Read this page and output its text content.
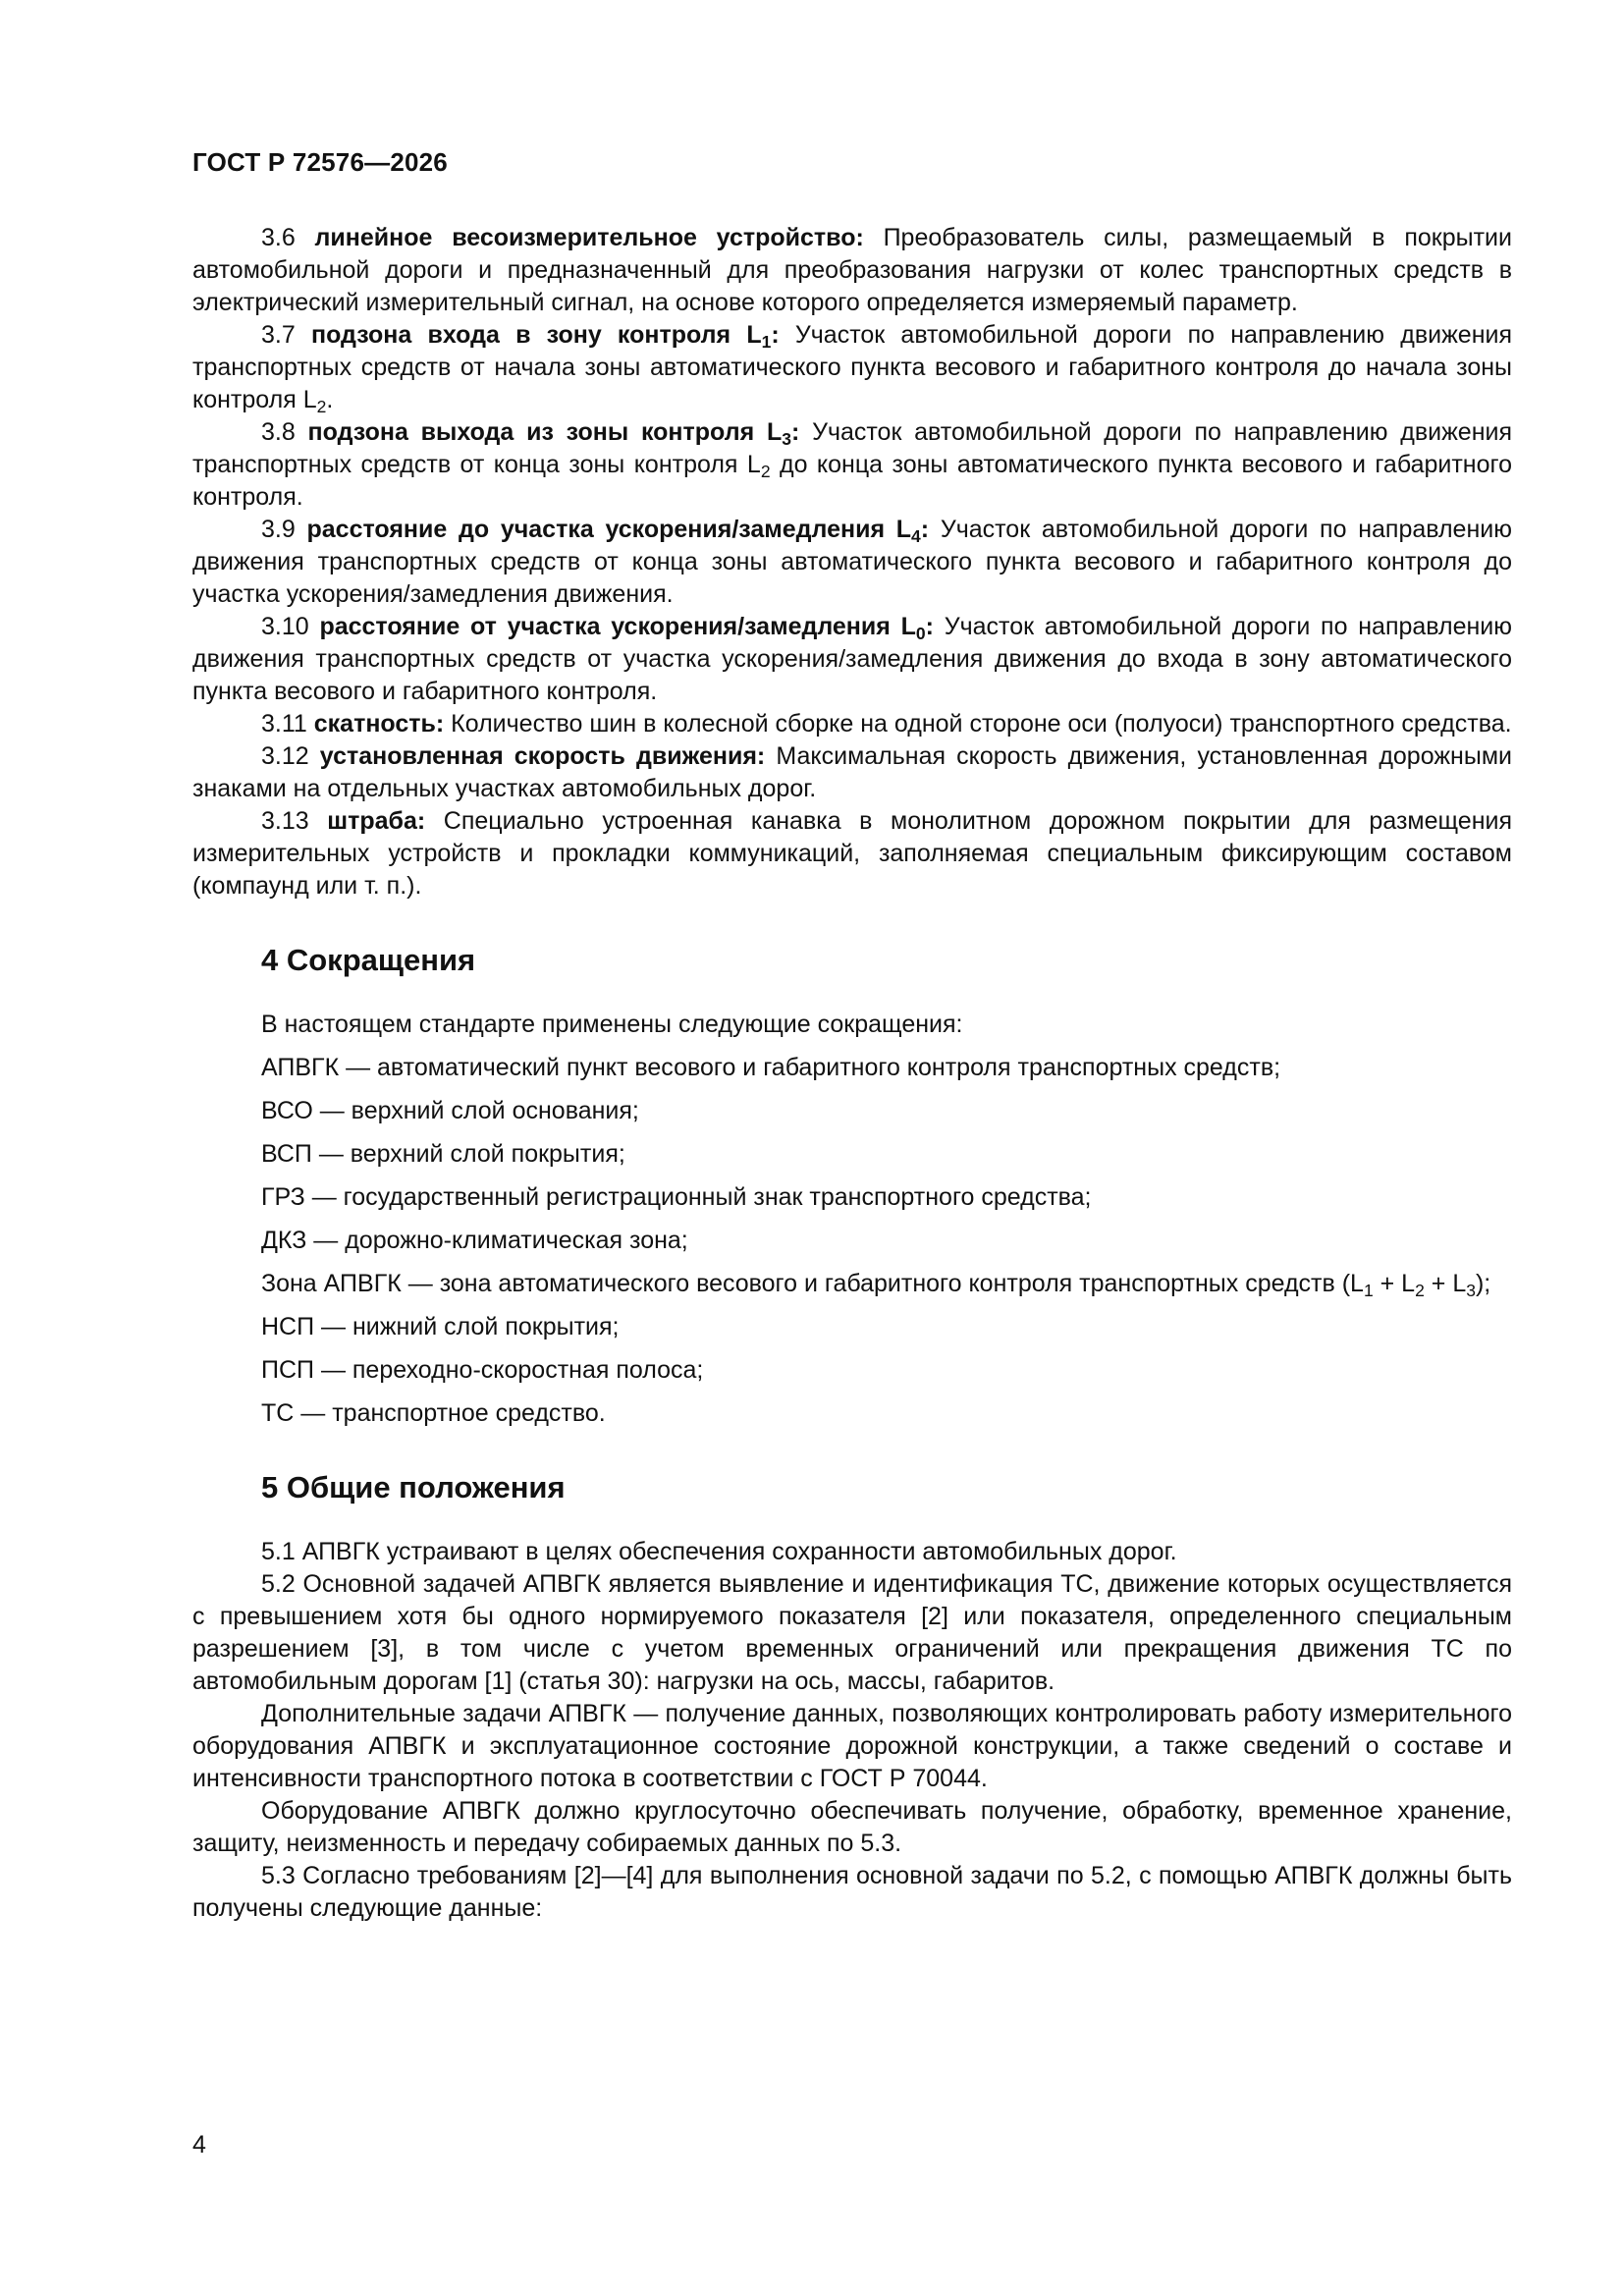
ГОСТ Р 72576—2026

3.6 линейное весоизмерительное устройство: Преобразователь силы, размещаемый в покрытии автомобильной дороги и предназначенный для преобразования нагрузки от колес транспортных средств в электрический измерительный сигнал, на основе которого определяется измеряемый параметр.

3.7 подзона входа в зону контроля $L_1$: Участок автомобильной дороги по направлению движения транспортных средств от начала зоны автоматического пункта весового и габаритного контроля до начала зоны контроля $L_2$.

3.8 подзона выхода из зоны контроля $L_3$: Участок автомобильной дороги по направлению движения транспортных средств от конца зоны контроля $L_2$ до конца зоны автоматического пункта весового и габаритного контроля.

3.9 расстояние до участка ускорения/замедления $L_4$: Участок автомобильной дороги по направлению движения транспортных средств от конца зоны автоматического пункта весового и габаритного контроля до участка ускорения/замедления движения.

3.10 расстояние от участка ускорения/замедления $L_0$: Участок автомобильной дороги по направлению движения транспортных средств от участка ускорения/замедления движения до входа в зону автоматического пункта весового и габаритного контроля.

3.11 скатность: Количество шин в колесной сборке на одной стороне оси (полуоси) транспортного средства.

3.12 установленная скорость движения: Максимальная скорость движения, установленная дорожными знаками на отдельных участках автомобильных дорог.

3.13 штраба: Специально устроенная канавка в монолитном дорожном покрытии для размещения измерительных устройств и прокладки коммуникаций, заполняемая специальным фиксирующим составом (компаунд или т. п.).

4 Сокращения

В настоящем стандарте применены следующие сокращения:

АПВГК — автоматический пункт весового и габаритного контроля транспортных средств;

ВСО — верхний слой основания;

ВСП — верхний слой покрытия;

ГРЗ — государственный регистрационный знак транспортного средства;

ДКЗ — дорожно-климатическая зона;

Зона АПВГК — зона автоматического весового и габаритного контроля транспортных средств $(L_1 + L_2 + L_3)$;

НСП — нижний слой покрытия;

ПСП — переходно-скоростная полоса;

ТС — транспортное средство.

5 Общие положения

5.1 АПВГК устраивают в целях обеспечения сохранности автомобильных дорог.

5.2 Основной задачей АПВГК является выявление и идентификация ТС, движение которых осуществляется с превышением хотя бы одного нормируемого показателя [2] или показателя, определенного специальным разрешением [3], в том числе с учетом временных ограничений или прекращения движения ТС по автомобильным дорогам [1] (статья 30): нагрузки на ось, массы, габаритов.

Дополнительные задачи АПВГК — получение данных, позволяющих контролировать работу измерительного оборудования АПВГК и эксплуатационное состояние дорожной конструкции, а также сведений о составе и интенсивности транспортного потока в соответствии с ГОСТ Р 70044.

Оборудование АПВГК должно круглосуточно обеспечивать получение, обработку, временное хранение, защиту, неизменность и передачу собираемых данных по 5.3.

5.3 Согласно требованиям [2]—[4] для выполнения основной задачи по 5.2, с помощью АПВГК должны быть получены следующие данные:

4
